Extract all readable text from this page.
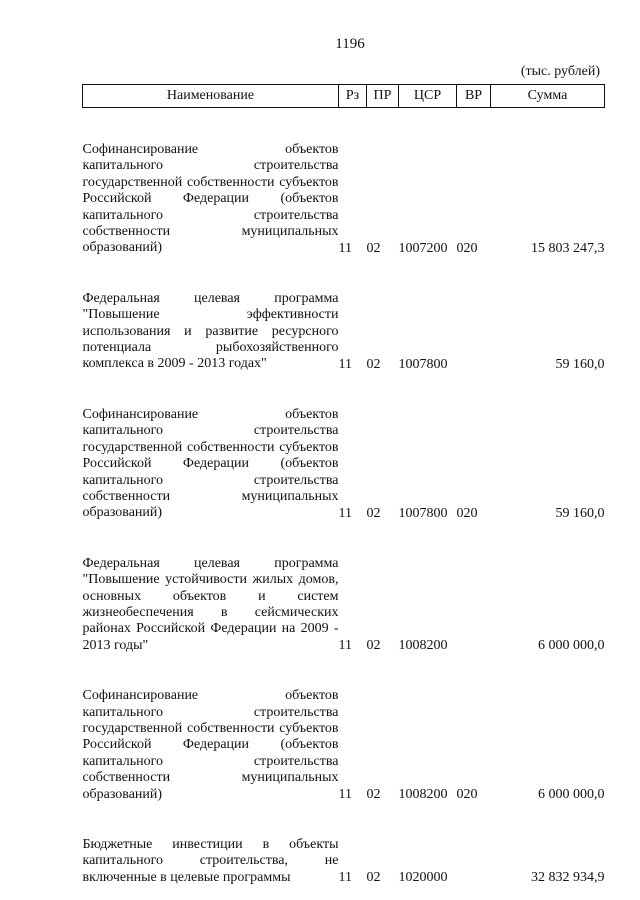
1196
(тыс. рублей)
Наименование	Рз	ПР	ЦСР	ВР	Сумма

Софинансирование объектов капитального строительства государственной собственности субъектов Российской Федерации (объектов капитального строительства собственности муниципальных образований)	11	02	1007200	020	15 803 247,3

Федеральная целевая программа "Повышение эффективности использования и развитие ресурсного потенциала рыбохозяйственного комплекса в 2009 - 2013 годах"	11	02	1007800		59 160,0

Софинансирование объектов капитального строительства государственной собственности субъектов Российской Федерации (объектов капитального строительства собственности муниципальных образований)	11	02	1007800	020	59 160,0

Федеральная целевая программа "Повышение устойчивости жилых домов, основных объектов и систем жизнеобеспечения в сейсмических районах Российской Федерации на 2009 - 2013 годы"	11	02	1008200		6 000 000,0

Софинансирование объектов капитального строительства государственной собственности субъектов Российской Федерации (объектов капитального строительства собственности муниципальных образований)	11	02	1008200	020	6 000 000,0

Бюджетные инвестиции в объекты капитального строительства, не включенные в целевые программы	11	02	1020000		32 832 934,9
